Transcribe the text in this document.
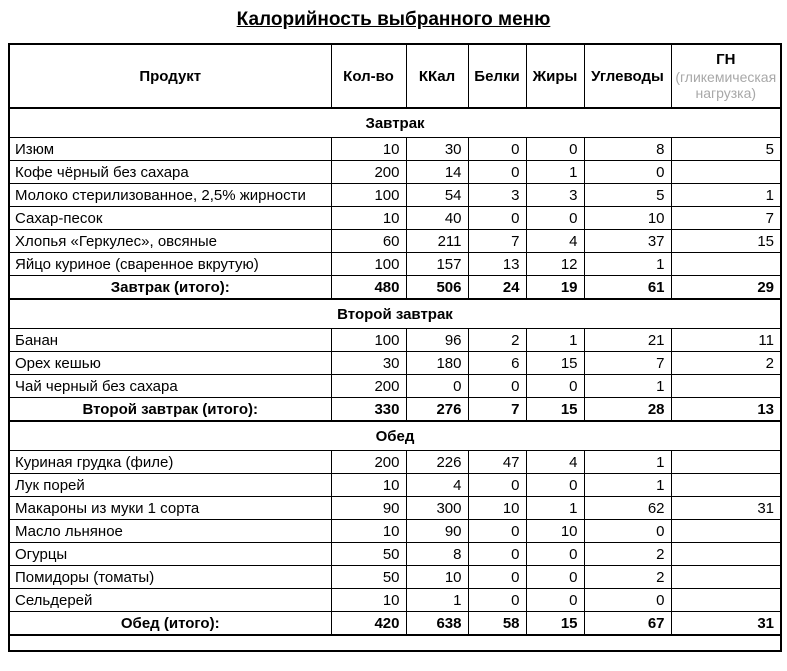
Калорийность выбранного меню
Продукт	Кол-во	ККал	Белки	Жиры	Углеводы	ГН
(гликемическая нагрузка)

Завтрак						
Изюм	10	30	0	0	8	5
Кофе чёрный без сахара	200	14	0	1	0	
Молоко стерилизованное, 2,5% жирности	100	54	3	3	5	1
Сахар-песок	10	40	0	0	10	7
Хлопья «Геркулес», овсяные	60	211	7	4	37	15
Яйцо куриное (сваренное вкрутую)	100	157	13	12	1	
Завтрак (итого):	480	506	24	19	61	29
Второй завтрак						
Банан	100	96	2	1	21	11
Орех кешью	30	180	6	15	7	2
Чай черный без сахара	200	0	0	0	1	
Второй завтрак (итого):	330	276	7	15	28	13
Обед						
Куриная грудка (филе)	200	226	47	4	1	
Лук порей	10	4	0	0	1	
Макароны из муки 1 сорта	90	300	10	1	62	31
Масло льняное	10	90	0	10	0	
Огурцы	50	8	0	0	2	
Помидоры (томаты)	50	10	0	0	2	
Сельдерей	10	1	0	0	0	
Обед (итого):	420	638	58	15	67	31
